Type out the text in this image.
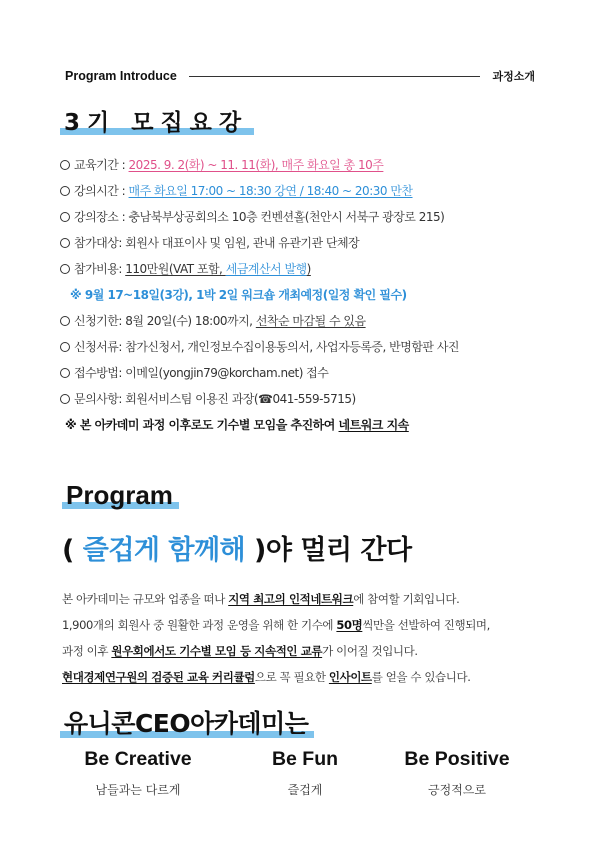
Program Introduce	과정소개
3기 모집요강
교육기간 : 2025. 9. 2(화) ~ 11. 11(화), 매주 화요일 총 10주
강의시간 : 매주 화요일 17:00 ~ 18:30 강연 / 18:40 ~ 20:30 만찬
강의장소 : 충남북부상공회의소 10층 컨벤션홀(천안시 서북구 광장로 215)
참가대상: 회원사 대표이사 및 임원, 관내 유관기관 단체장
참가비용: 110만원(VAT 포함, 세금계산서 발행)
※ 9월 17~18일(3강), 1박 2일 워크숍 개최예정(일정 확인 필수)
신청기한: 8월 20일(수) 18:00까지, 선착순 마감될 수 있음
신청서류: 참가신청서, 개인정보수집이용동의서, 사업자등록증, 반명함판 사진
접수방법: 이메일(yongjin79@korcham.net) 접수
문의사항: 회원서비스팀 이용진 과장(☎041-559-5715)
※ 본 아카데미 과정 이후로도 기수별 모임을 추진하여 네트워크 지속
Program
( 즐겁게 함께해 )야 멀리 간다
본 아카데미는 규모와 업종을 떠나 지역 최고의 인적네트워크에 참여할 기회입니다.
1,900개의 회원사 중 원활한 과정 운영을 위해 한 기수에 50명씩만을 선발하여 진행되며,
과정 이후 원우회에서도 기수별 모임 등 지속적인 교류가 이어질 것입니다.
현대경제연구원의 검증된 교육 커리큘럼으로 꼭 필요한 인사이트를 얻을 수 있습니다.
유니콘CEO아카데미는
Be Creative
남들과는 다르게
Be Fun
즐겁게
Be Positive
긍정적으로
